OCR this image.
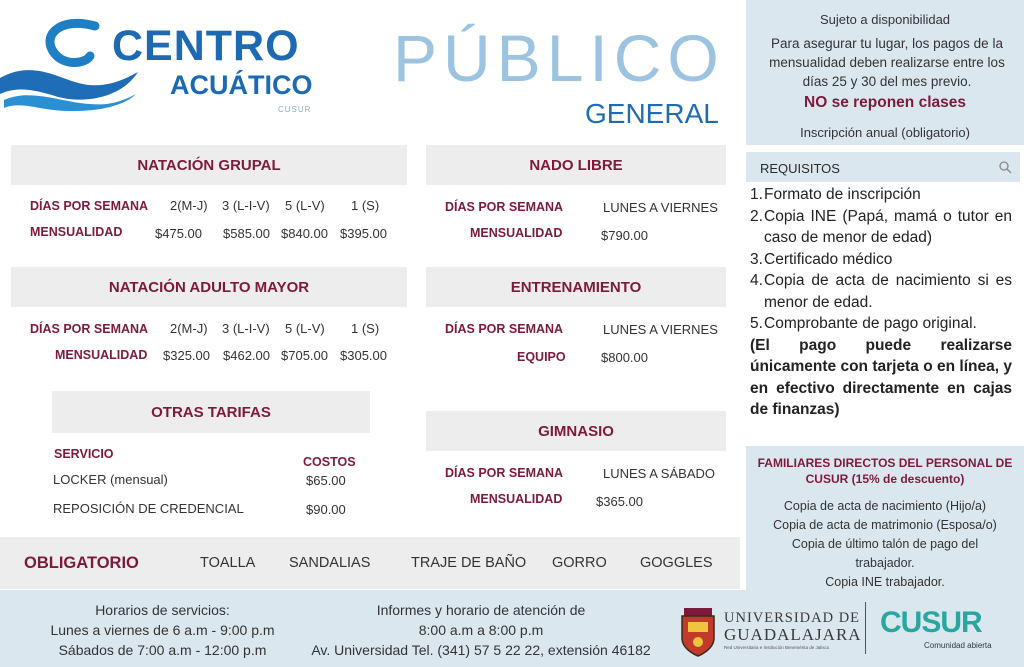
CENTRO
ACUÁTICO
CUSUR
PÚBLICO
GENERAL
NATACIÓN GRUPAL
DÍAS POR SEMANA 2(M-J) 3 (L-I-V) 5 (L-V) 1 (S)
MENSUALIDAD	$475.00 $585.00 $840.00 $395.00
NADO LIBRE
DÍAS POR SEMANA	LUNES A VIERNES
MENSUALIDAD	$790.00
NATACIÓN ADULTO MAYOR
DÍAS POR SEMANA 2(M-J) 3 (L-I-V) 5 (L-V) 1 (S)
MENSUALIDAD $325.00 $462.00 $705.00 $305.00
ENTRENAMIENTO
DÍAS POR SEMANA	LUNES A VIERNES
EQUIPO	$800.00
OTRAS TARIFAS
SERVICIO
COSTOS
LOCKER (mensual)	$65.00
REPOSICIÓN DE CREDENCIAL	$90.00
GIMNASIO
DÍAS POR SEMANA	LUNES A SÁBADO
MENSUALIDAD	$365.00
OBLIGATORIO	TOALLA SANDALIAS	TRAJE DE BAÑO GORRO GOGGLES
Horarios de servicios:
Lunes a viernes de 6 a.m - 9:00 p.m
Sábados de 7:00 a.m - 12:00 p.m
Informes y horario de atención de
8:00 a.m a 8:00 p.m
Av. Universidad Tel. (341) 57 5 22 22, extensión 46182
UNIVERSIDAD DE
GUADALAJARA
Red Universitaria e Institución Benemérita de Jalisco
CUSUR
Comunidad abierta
Sujeto a disponibilidad
Para asegurar tu lugar, los pagos de la mensualidad deben realizarse entre los días 25 y 30 del mes previo.
NO se reponen clases
Inscripción anual (obligatorio)
REQUISITOS
1. Formato de inscripción
2. Copia INE (Papá, mamá o tutor en caso de menor de edad)
3. Certificado médico
4. Copia de acta de nacimiento si es menor de edad.
5. Comprobante de pago original.
(El pago puede realizarse únicamente con tarjeta o en línea, y en efectivo directamente en cajas de finanzas)
FAMILIARES DIRECTOS DEL PERSONAL DE CUSUR (15% de descuento)
Copia de acta de nacimiento (Hijo/a)
Copia de acta de matrimonio (Esposa/o)
Copia de último talón de pago del trabajador.
Copia INE trabajador.
